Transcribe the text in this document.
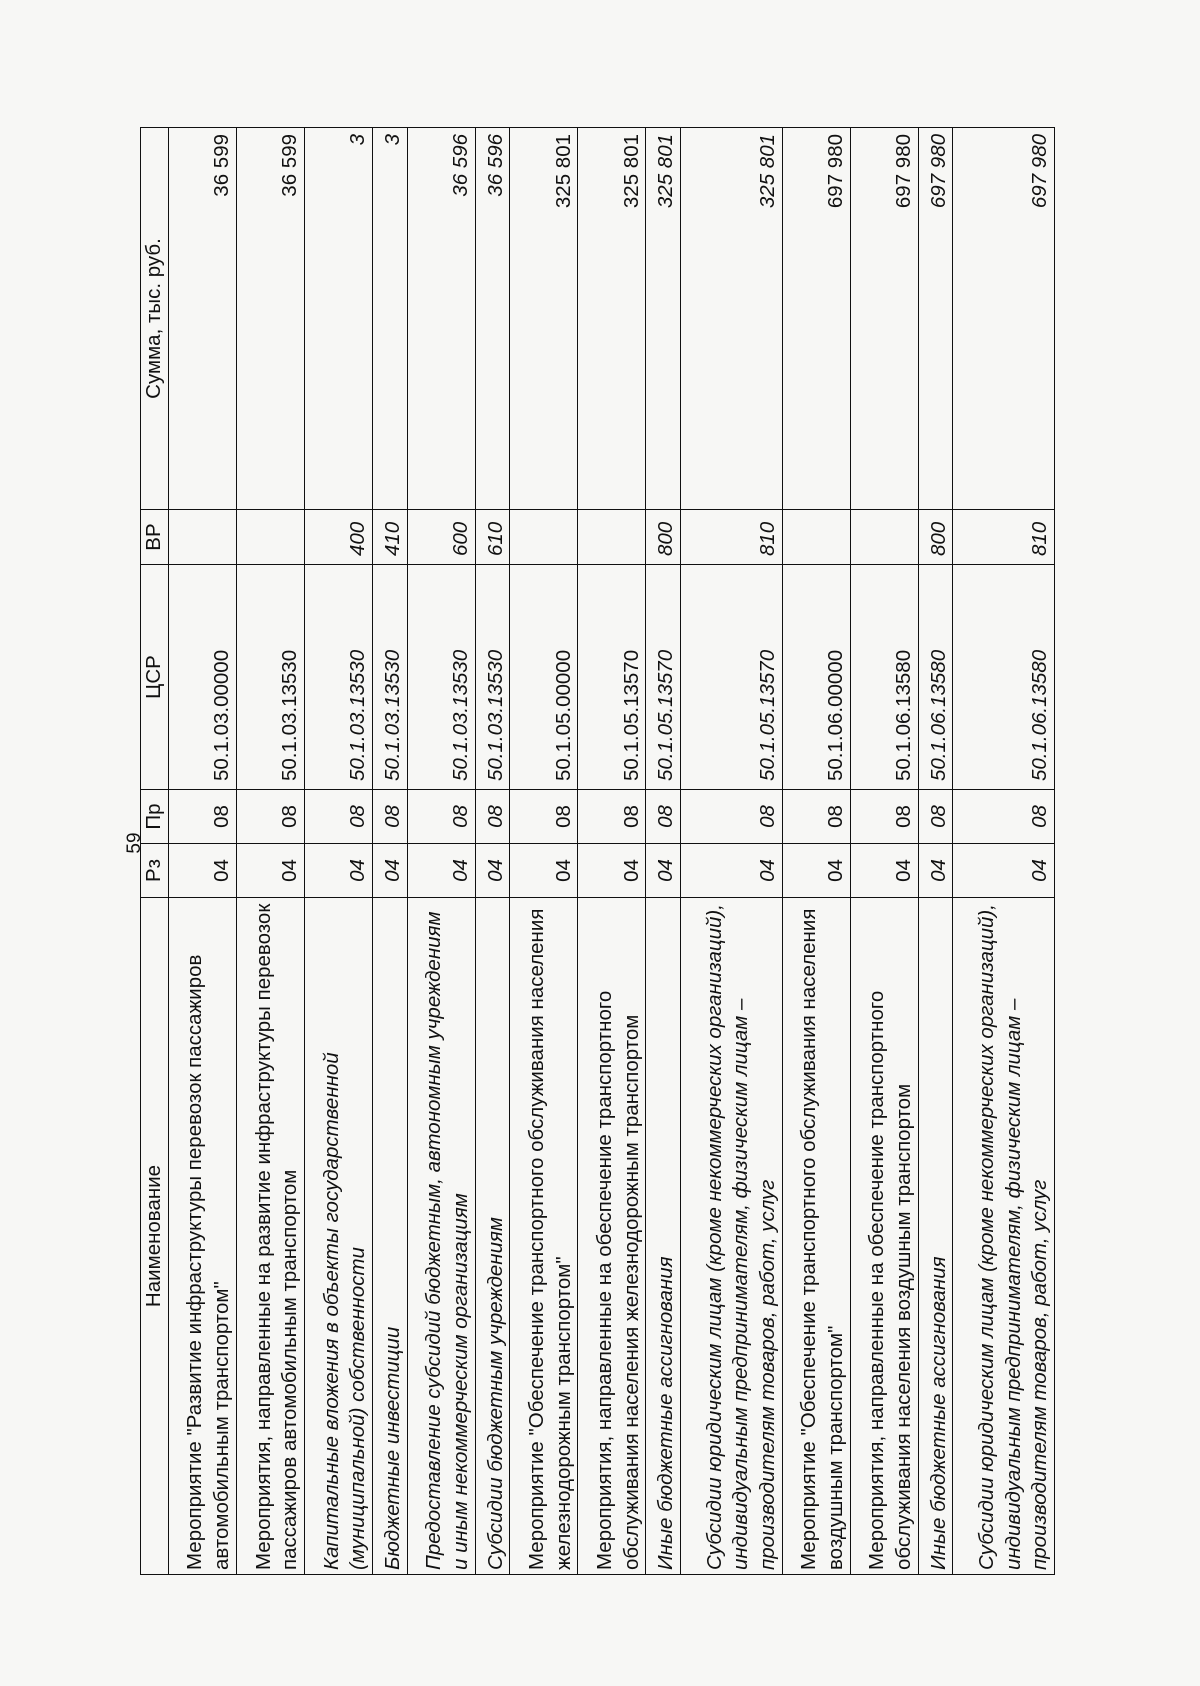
59
Наименование	Рз	Пр	ЦСР	ВР	Сумма, тыс. руб.
Мероприятие "Развитие инфраструктуры перевозок пассажиров автомобильным транспортом"	04	08	50.1.03.00000		36 599
Мероприятия, направленные на развитие инфраструктуры перевозок пассажиров автомобильным транспортом	04	08	50.1.03.13530		36 599
Капитальные вложения в объекты государственной (муниципальной) собственности	04	08	50.1.03.13530	400	3
Бюджетные инвестиции	04	08	50.1.03.13530	410	3
Предоставление субсидий бюджетным, автономным учреждениям и иным некоммерческим организациям	04	08	50.1.03.13530	600	36 596
Субсидии бюджетным учреждениям	04	08	50.1.03.13530	610	36 596
Мероприятие "Обеспечение транспортного обслуживания населения железнодорожным транспортом"	04	08	50.1.05.00000		325 801
Мероприятия, направленные на обеспечение транспортного обслуживания населения железнодорожным транспортом	04	08	50.1.05.13570		325 801
Иные бюджетные ассигнования	04	08	50.1.05.13570	800	325 801
Субсидии юридическим лицам (кроме некоммерческих организаций), индивидуальным предпринимателям, физическим лицам – производителям товаров, работ, услуг	04	08	50.1.05.13570	810	325 801
Мероприятие "Обеспечение транспортного обслуживания населения воздушным транспортом"	04	08	50.1.06.00000		697 980
Мероприятия, направленные на обеспечение транспортного обслуживания населения воздушным транспортом	04	08	50.1.06.13580		697 980
Иные бюджетные ассигнования	04	08	50.1.06.13580	800	697 980
Субсидии юридическим лицам (кроме некоммерческих организаций), индивидуальным предпринимателям, физическим лицам – производителям товаров, работ, услуг	04	08	50.1.06.13580	810	697 980
